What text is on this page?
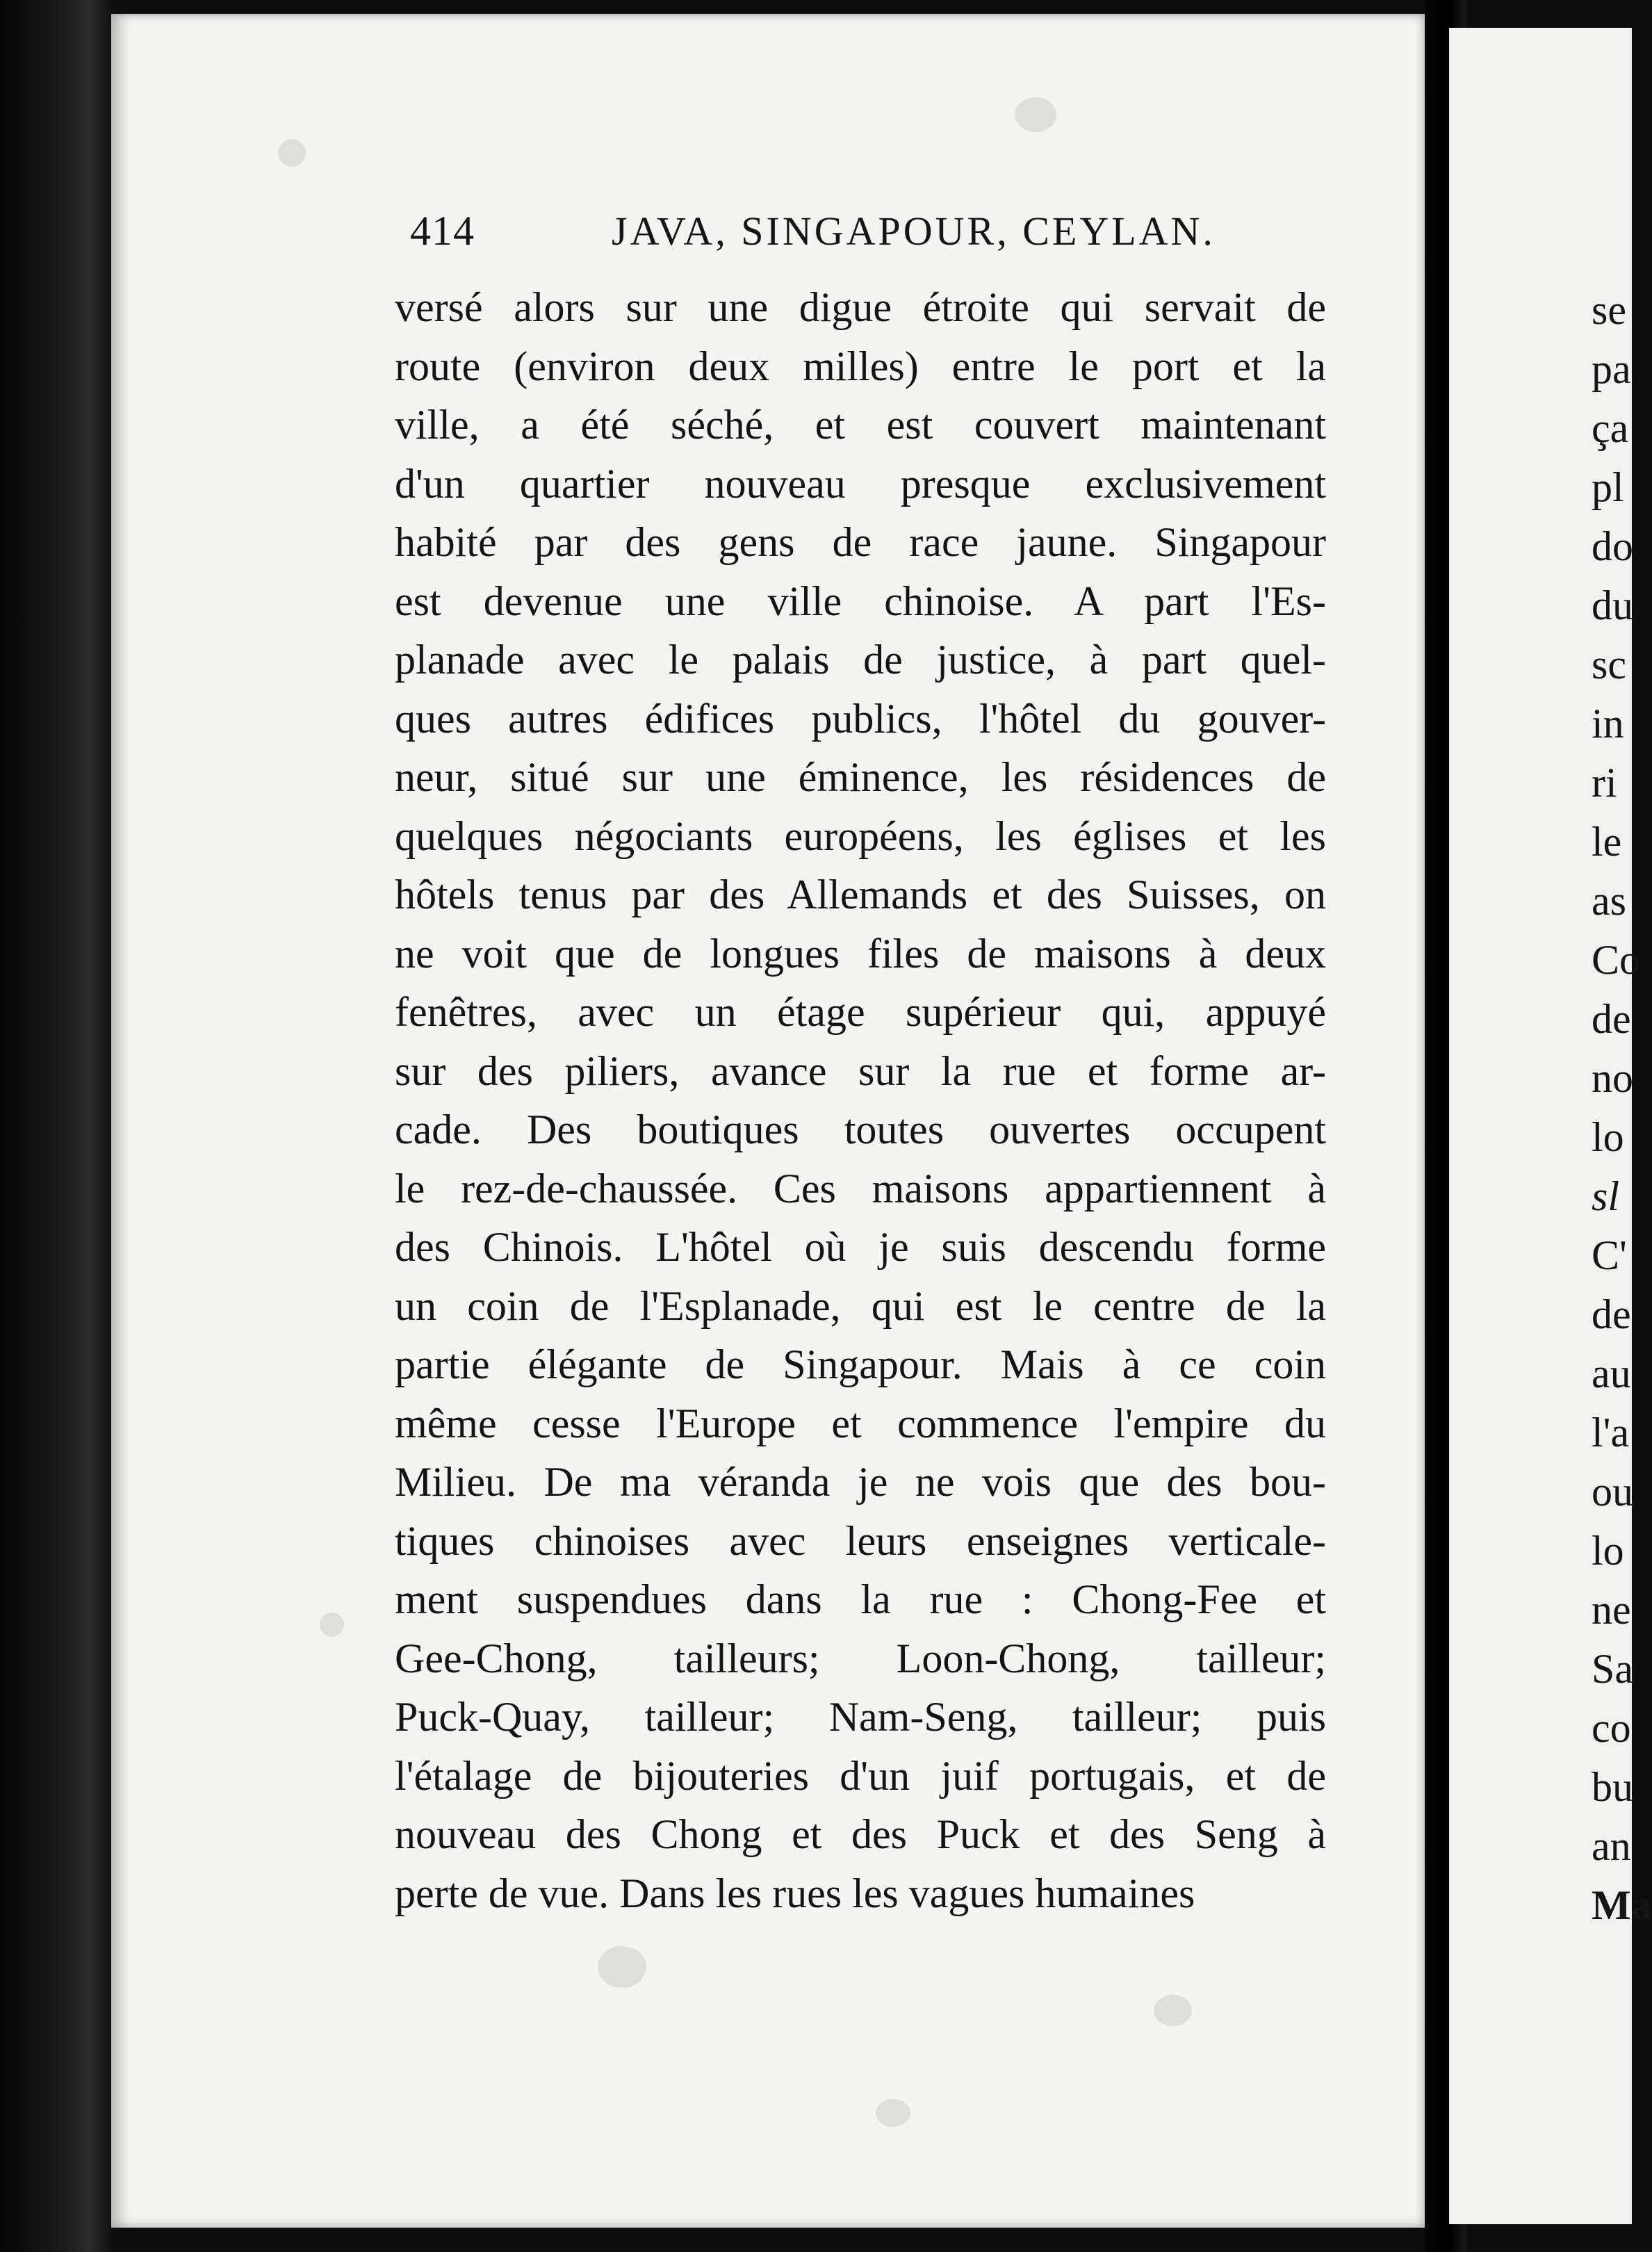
414	JAVA, SINGAPOUR, CEYLAN.
versé alors sur une digue étroite qui servait de
route (environ deux milles) entre le port et la
ville, a été séché, et est couvert maintenant
d'un quartier nouveau presque exclusivement
habité par des gens de race jaune. Singapour
est devenue une ville chinoise. A part l'Es-
planade avec le palais de justice, à part quel-
ques autres édifices publics, l'hôtel du gouver-
neur, situé sur une éminence, les résidences de
quelques négociants européens, les églises et les
hôtels tenus par des Allemands et des Suisses, on
ne voit que de longues files de maisons à deux
fenêtres, avec un étage supérieur qui, appuyé
sur des piliers, avance sur la rue et forme ar-
cade. Des boutiques toutes ouvertes occupent
le rez-de-chaussée. Ces maisons appartiennent à
des Chinois. L'hôtel où je suis descendu forme
un coin de l'Esplanade, qui est le centre de la
partie élégante de Singapour. Mais à ce coin
même cesse l'Europe et commence l'empire du
Milieu. De ma véranda je ne vois que des bou-
tiques chinoises avec leurs enseignes verticale-
ment suspendues dans la rue : Chong-Fee et
Gee-Chong, tailleurs; Loon-Chong, tailleur;
Puck-Quay, tailleur; Nam-Seng, tailleur; puis
l'étalage de bijouteries d'un juif portugais, et de
nouveau des Chong et des Puck et des Seng à
perte de vue. Dans les rues les vagues humaines
se
pa
ça
pl
do
du
sc
in
ri
le
as
Co
de
no
lo
sl
C'
de
au
l'a
ou
lo
ne
Sa
co
bu
an
Ma
